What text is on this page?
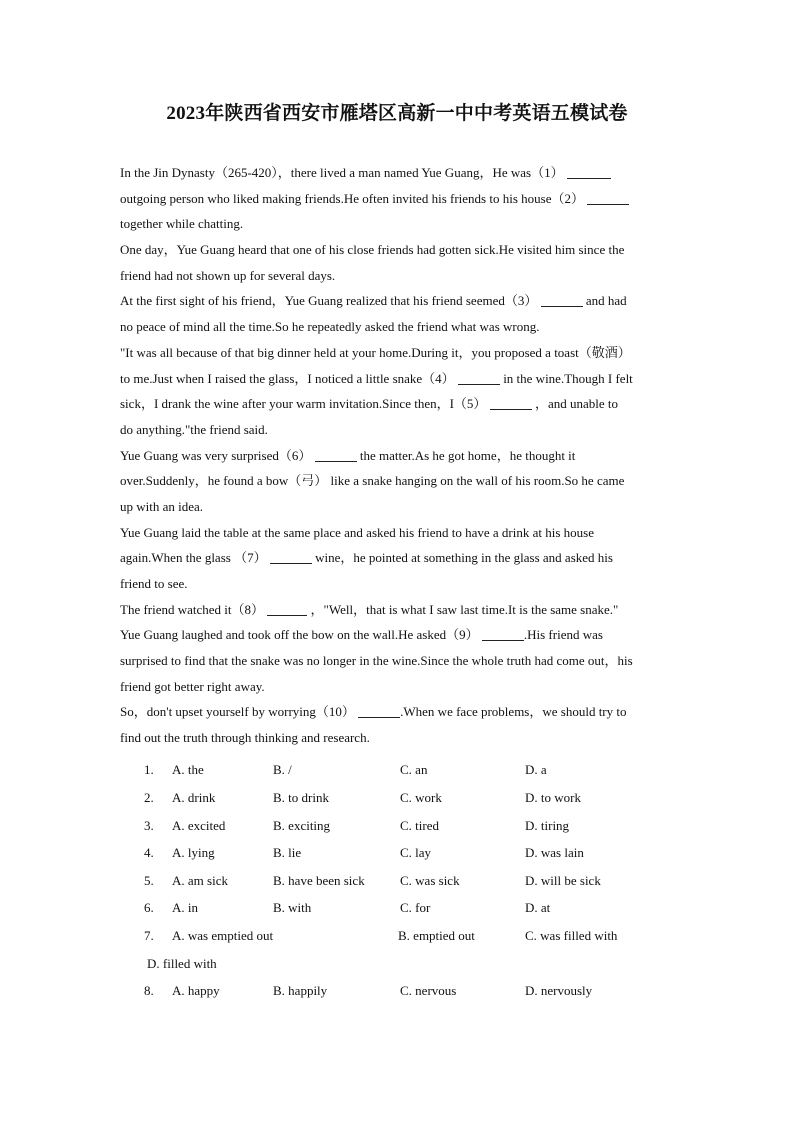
2023年陕西省西安市雁塔区高新一中中考英语五模试卷
In the Jin Dynasty（265-420），there lived a man named Yue Guang，He was（1）
outgoing person who liked making friends.He often invited his friends to his house（2）
together while chatting.
One day，Yue Guang heard that one of his close friends had gotten sick.He visited him since the
friend had not shown up for several days.
At the first sight of his friend，Yue Guang realized that his friend seemed（3）	and had
no peace of mind all the time.So he repeatedly asked the friend what was wrong.
"It was all because of that big dinner held at your home.During it，you proposed a toast（敬酒）
to me.Just when I raised the glass，I noticed a little snake（4）	in the wine.Though I felt
sick，I drank the wine after your warm invitation.Since then，I（5）	，and unable to
do anything."the friend said.
Yue Guang was very surprised（6）	the matter.As he got home，he thought it
over.Suddenly，he found a bow（弓） like a snake hanging on the wall of his room.So he came
up with an idea.
Yue Guang laid the table at the same place and asked his friend to have a drink at his house
again.When the glass （7）	wine，he pointed at something in the glass and asked his
friend to see.
The friend watched it（8）	，"Well，that is what I saw last time.It is the same snake."
Yue Guang laughed and took off the bow on the wall.He asked（9）	.His friend was
surprised to find that the snake was no longer in the wine.Since the whole truth had come out，his
friend got better right away.
So，don't upset yourself by worrying（10）	.When we face problems，we should try to
find out the truth through thinking and research.
1. A. the	B. /	C. an	D. a
2. A. drink	B. to drink	C. work	D. to work
3. A. excited	B. exciting	C. tired	D. tiring
4. A. lying	B. lie	C. lay	D. was lain
5. A. am sick	B. have been sick	C. was sick	D. will be sick
6. A. in	B. with	C. for	D. at
7. A. was emptied out	B. emptied out	C. was filled with
D. filled with
8. A. happy	B. happily	C. nervous	D. nervously
